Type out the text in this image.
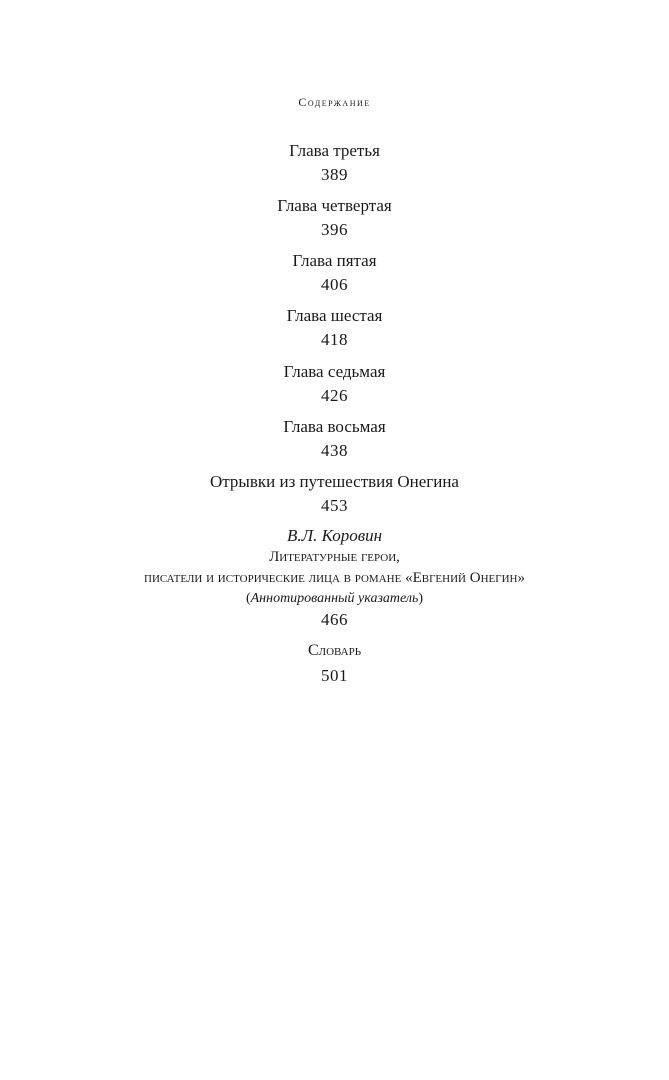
Содержание
Глава третья
389
Глава четвертая
396
Глава пятая
406
Глава шестая
418
Глава седьмая
426
Глава восьмая
438
Отрывки из путешествия Онегина
453
В.Л. Коровин
Литературные герои,
писатели и исторические лица в романе «Евгений Онегин»
(Аннотированный указатель)
466
Словарь
501
